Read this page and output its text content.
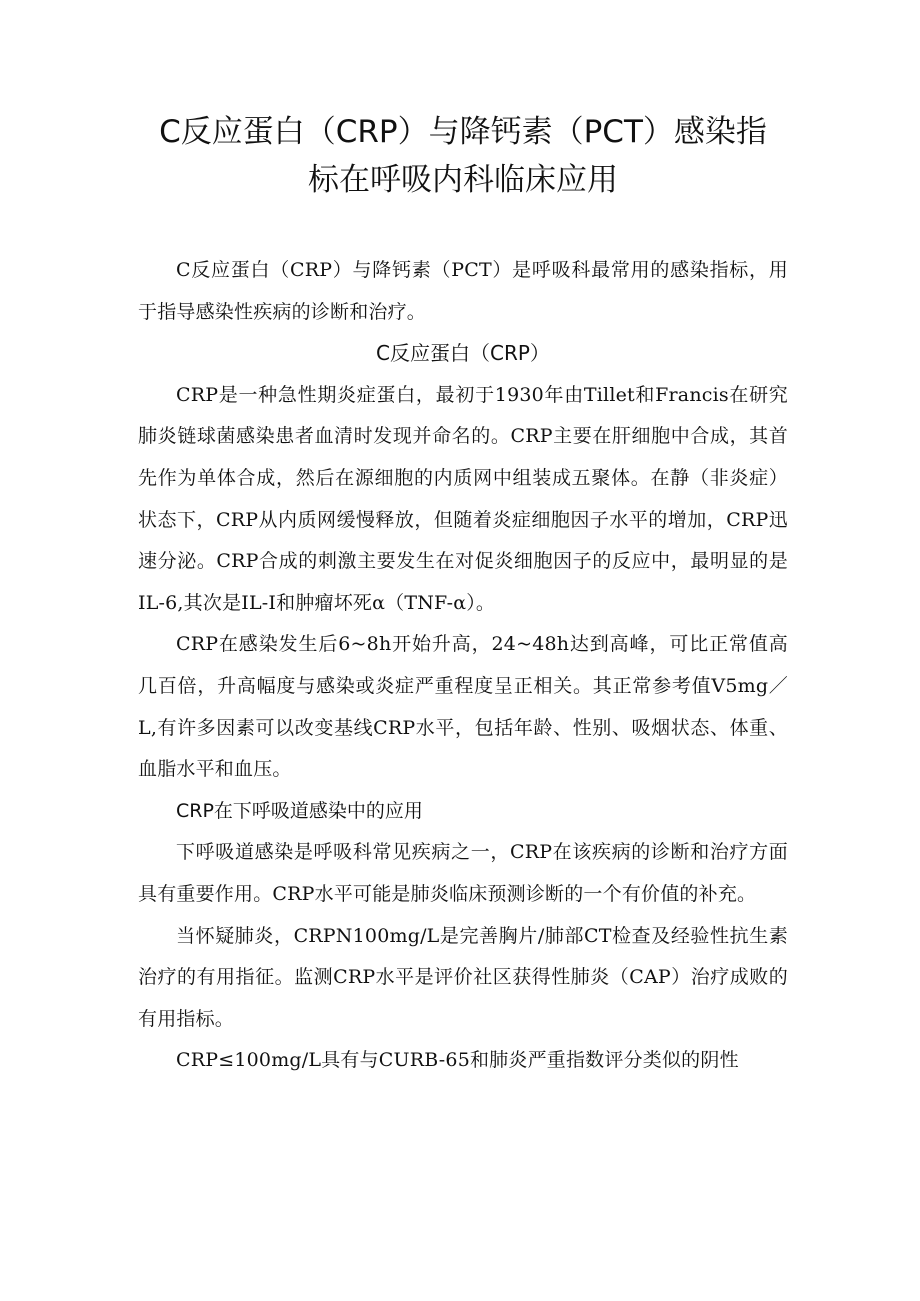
C反应蛋白（CRP）与降钙素（PCT）感染指
标在呼吸内科临床应用

C反应蛋白（CRP）与降钙素（PCT）是呼吸科最常用的感染指标，用于指导感染性疾病的诊断和治疗。

C反应蛋白（CRP）

CRP是一种急性期炎症蛋白，最初于1930年由Tillet和Francis在研究肺炎链球菌感染患者血清时发现并命名的。CRP主要在肝细胞中合成，其首先作为单体合成，然后在源细胞的内质网中组装成五聚体。在静（非炎症）状态下，CRP从内质网缓慢释放，但随着炎症细胞因子水平的增加，CRP迅速分泌。CRP合成的刺激主要发生在对促炎细胞因子的反应中，最明显的是IL-6,其次是IL-I和肿瘤坏死α（TNF-α）。

CRP在感染发生后6~8h开始升高，24~48h达到高峰，可比正常值高几百倍，升高幅度与感染或炎症严重程度呈正相关。其正常参考值V5mg／L,有许多因素可以改变基线CRP水平，包括年龄、性别、吸烟状态、体重、血脂水平和血压。

CRP在下呼吸道感染中的应用

下呼吸道感染是呼吸科常见疾病之一，CRP在该疾病的诊断和治疗方面具有重要作用。CRP水平可能是肺炎临床预测诊断的一个有价值的补充。

当怀疑肺炎，CRPN100mg/L是完善胸片/肺部CT检查及经验性抗生素治疗的有用指征。监测CRP水平是评价社区获得性肺炎（CAP）治疗成败的有用指标。

CRP≤100mg/L具有与CURB-65和肺炎严重指数评分类似的阴性
